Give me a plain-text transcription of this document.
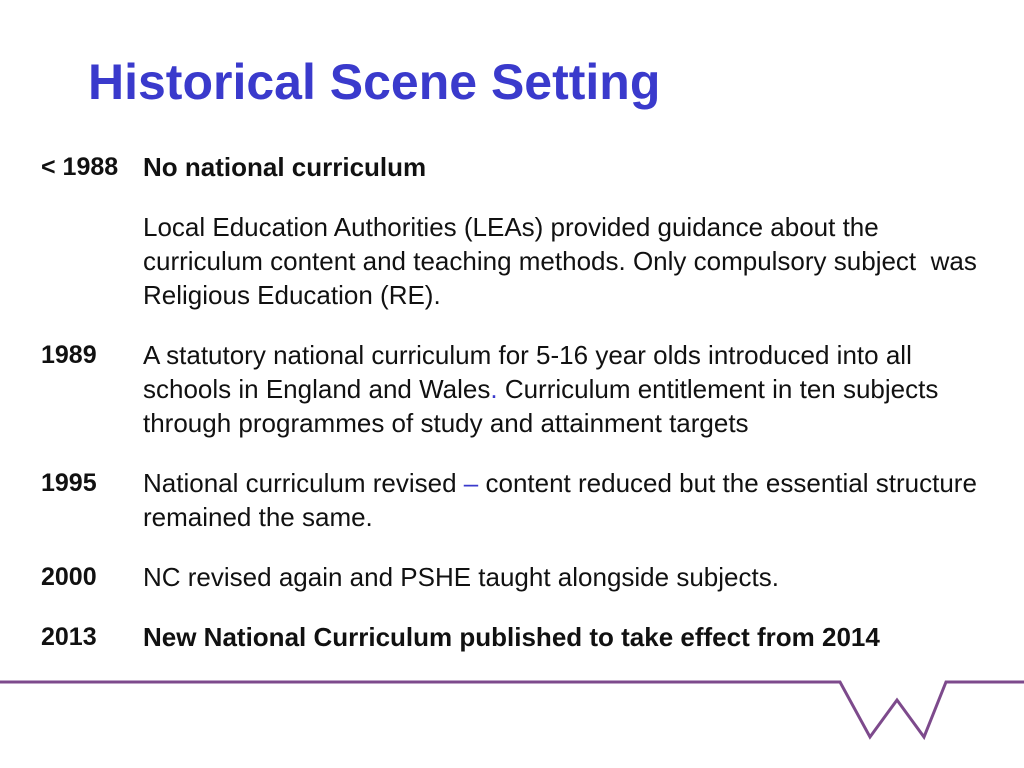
Historical Scene Setting
< 1988 No national curriculum
Local Education Authorities (LEAs) provided guidance about the curriculum content and teaching methods. Only compulsory subject  was Religious Education (RE).
1989	A statutory national curriculum for 5-16 year olds introduced into all schools in England and Wales. Curriculum entitlement in ten subjects through programmes of study and attainment targets
1995	National curriculum revised – content reduced but the essential structure remained the same.
2000	NC revised again and PSHE taught alongside subjects.
2013	New National Curriculum published to take effect from 2014
